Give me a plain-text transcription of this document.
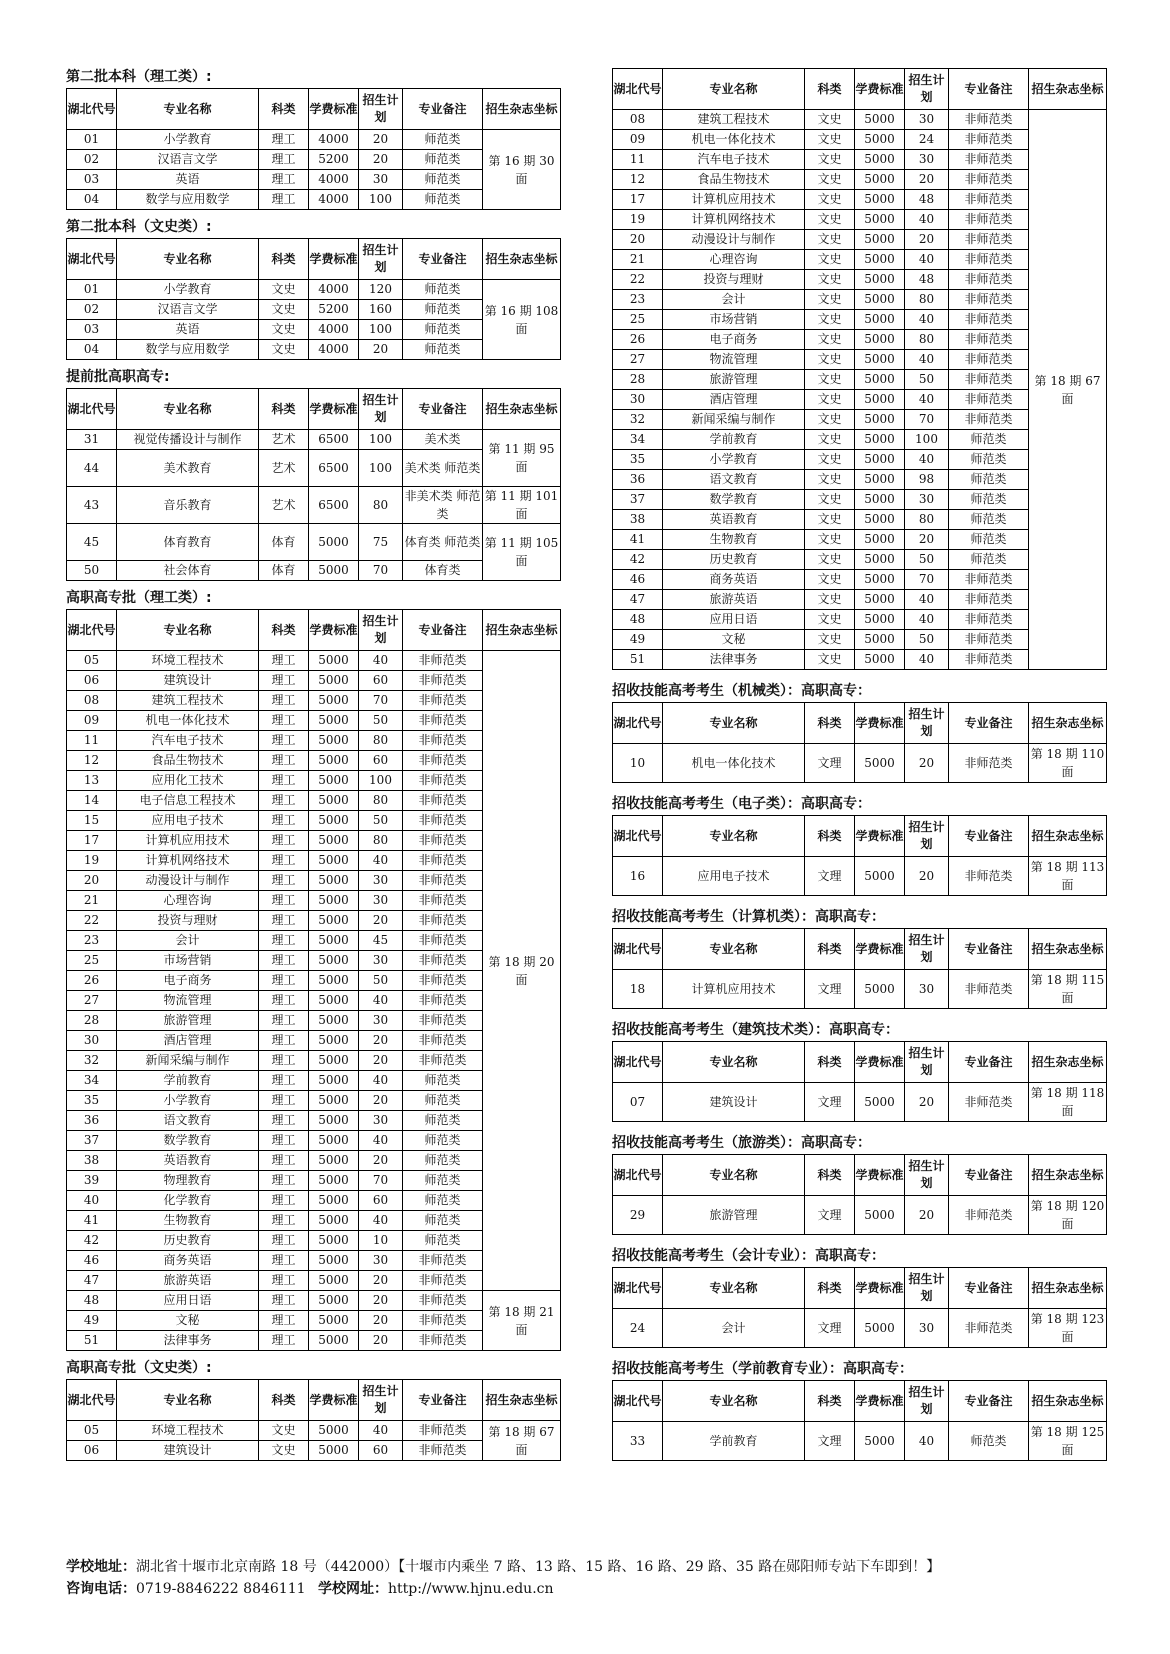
第二批本科（理工类）:
湖北代号	专业名称	科类	学费标准	招生计划	专业备注	招生杂志坐标
01	小学教育	理工	4000	20	师范类	第 16 期 30 面
02	汉语言文学	理工	5200	20	师范类	
03	英语	理工	4000	30	师范类	
04	数学与应用数学	理工	4000	100	师范类	
第二批本科（文史类）:
湖北代号	专业名称	科类	学费标准	招生计划	专业备注	招生杂志坐标
01	小学教育	文史	4000	120	师范类	第 16 期 108 面
02	汉语言文学	文史	5200	160	师范类	
03	英语	文史	4000	100	师范类	
04	数学与应用数学	文史	4000	20	师范类	
提前批高职高专:
湖北代号	专业名称	科类	学费标准	招生计划	专业备注	招生杂志坐标
31	视觉传播设计与制作	艺术	6500	100	美术类	第 11 期 95 面
44	美术教育	艺术	6500	100	美术类 师范类	
43	音乐教育	艺术	6500	80	非美术类 师范类	第 11 期 101 面
45	体育教育	体育	5000	75	体育类 师范类	第 11 期 105 面
50	社会体育	体育	5000	70	体育类	
高职高专批（理工类）:
湖北代号	专业名称	科类	学费标准	招生计划	专业备注	招生杂志坐标
05	环境工程技术	理工	5000	40	非师范类	第 18 期 20 面
06	建筑设计	理工	5000	60	非师范类	
08	建筑工程技术	理工	5000	70	非师范类	
09	机电一体化技术	理工	5000	50	非师范类	
11	汽车电子技术	理工	5000	80	非师范类	
12	食品生物技术	理工	5000	60	非师范类	
13	应用化工技术	理工	5000	100	非师范类	
14	电子信息工程技术	理工	5000	80	非师范类	
15	应用电子技术	理工	5000	50	非师范类	
17	计算机应用技术	理工	5000	80	非师范类	
19	计算机网络技术	理工	5000	40	非师范类	
20	动漫设计与制作	理工	5000	30	非师范类	
21	心理咨询	理工	5000	30	非师范类	
22	投资与理财	理工	5000	20	非师范类	
23	会计	理工	5000	45	非师范类	
25	市场营销	理工	5000	30	非师范类	
26	电子商务	理工	5000	50	非师范类	
27	物流管理	理工	5000	40	非师范类	
28	旅游管理	理工	5000	30	非师范类	
30	酒店管理	理工	5000	20	非师范类	
32	新闻采编与制作	理工	5000	20	非师范类	
34	学前教育	理工	5000	40	师范类	
35	小学教育	理工	5000	20	师范类	
36	语文教育	理工	5000	30	师范类	
37	数学教育	理工	5000	40	师范类	
38	英语教育	理工	5000	20	师范类	
39	物理教育	理工	5000	70	师范类	
40	化学教育	理工	5000	60	师范类	
41	生物教育	理工	5000	40	师范类	
42	历史教育	理工	5000	10	师范类	
46	商务英语	理工	5000	30	非师范类	
47	旅游英语	理工	5000	20	非师范类	
48	应用日语	理工	5000	20	非师范类	第 18 期 21 面
49	文秘	理工	5000	20	非师范类	
51	法律事务	理工	5000	20	非师范类	
高职高专批（文史类）:
湖北代号	专业名称	科类	学费标准	招生计划	专业备注	招生杂志坐标
05	环境工程技术	文史	5000	40	非师范类	第 18 期 67 面
06	建筑设计	文史	5000	60	非师范类	
湖北代号	专业名称	科类	学费标准	招生计划	专业备注	招生杂志坐标
08	建筑工程技术	文史	5000	30	非师范类	第 18 期 67 面
09	机电一体化技术	文史	5000	24	非师范类	
11	汽车电子技术	文史	5000	30	非师范类	
12	食品生物技术	文史	5000	20	非师范类	
17	计算机应用技术	文史	5000	48	非师范类	
19	计算机网络技术	文史	5000	40	非师范类	
20	动漫设计与制作	文史	5000	20	非师范类	
21	心理咨询	文史	5000	40	非师范类	
22	投资与理财	文史	5000	48	非师范类	
23	会计	文史	5000	80	非师范类	
25	市场营销	文史	5000	40	非师范类	
26	电子商务	文史	5000	80	非师范类	
27	物流管理	文史	5000	40	非师范类	
28	旅游管理	文史	5000	50	非师范类	
30	酒店管理	文史	5000	40	非师范类	
32	新闻采编与制作	文史	5000	70	非师范类	
34	学前教育	文史	5000	100	师范类	
35	小学教育	文史	5000	40	师范类	
36	语文教育	文史	5000	98	师范类	
37	数学教育	文史	5000	30	师范类	
38	英语教育	文史	5000	80	师范类	
41	生物教育	文史	5000	20	师范类	
42	历史教育	文史	5000	50	师范类	
46	商务英语	文史	5000	70	非师范类	
47	旅游英语	文史	5000	40	非师范类	
48	应用日语	文史	5000	40	非师范类	
49	文秘	文史	5000	50	非师范类	
51	法律事务	文史	5000	40	非师范类	
招收技能高考考生（机械类）：高职高专：
湖北代号	专业名称	科类	学费标准	招生计划	专业备注	招生杂志坐标
10	机电一体化技术	文理	5000	20	非师范类	第 18 期 110 面
招收技能高考考生（电子类）：高职高专：
湖北代号	专业名称	科类	学费标准	招生计划	专业备注	招生杂志坐标
16	应用电子技术	文理	5000	20	非师范类	第 18 期 113 面
招收技能高考考生（计算机类）：高职高专：
湖北代号	专业名称	科类	学费标准	招生计划	专业备注	招生杂志坐标
18	计算机应用技术	文理	5000	30	非师范类	第 18 期 115 面
招收技能高考考生（建筑技术类）：高职高专：
湖北代号	专业名称	科类	学费标准	招生计划	专业备注	招生杂志坐标
07	建筑设计	文理	5000	20	非师范类	第 18 期 118 面
招收技能高考考生（旅游类）：高职高专：
湖北代号	专业名称	科类	学费标准	招生计划	专业备注	招生杂志坐标
29	旅游管理	文理	5000	20	非师范类	第 18 期 120 面
招收技能高考考生（会计专业）：高职高专：
湖北代号	专业名称	科类	学费标准	招生计划	专业备注	招生杂志坐标
24	会计	文理	5000	30	非师范类	第 18 期 123 面
招收技能高考考生（学前教育专业）：高职高专：
湖北代号	专业名称	科类	学费标准	招生计划	专业备注	招生杂志坐标
33	学前教育	文理	5000	40	师范类	第 18 期 125 面
学校地址：湖北省十堰市北京南路 18 号（442000）【十堰市内乘坐 7 路、13 路、15 路、16 路、29 路、35 路在郧阳师专站下车即到！】
咨询电话：0719-8846222 8846111 学校网址：http://www.hjnu.edu.cn
